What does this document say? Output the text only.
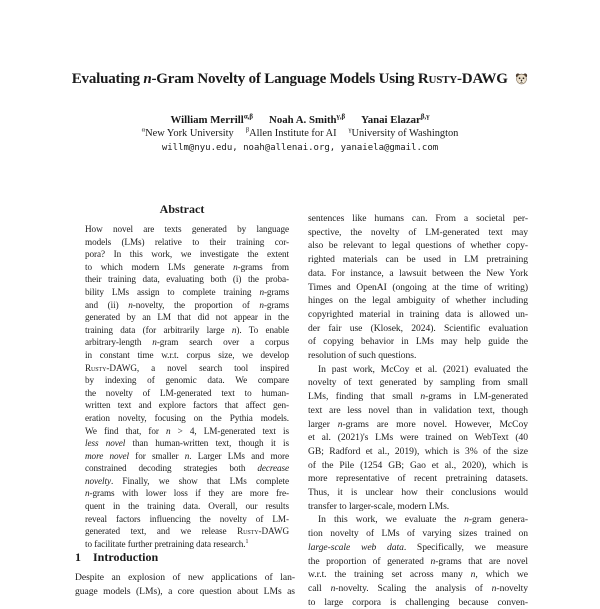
Evaluating n-Gram Novelty of Language Models Using Rusty-DAWG
William Merrill$^{\alpha,\beta}$ Noah A. Smith$^{\gamma,\beta}$ Yanai Elazar$^{\beta,\gamma}$
$^\alpha$New York University $^\beta$Allen Institute for AI $^\gamma$University of Washington
willm@nyu.edu, noah@allenai.org, yanaiela@gmail.com
Abstract
How novel are texts generated by language
models (LMs) relative to their training cor-
pora? In this work, we investigate the extent
to which modern LMs generate n-grams from
their training data, evaluating both (i) the proba-
bility LMs assign to complete training n-grams
and (ii) n-novelty, the proportion of n-grams
generated by an LM that did not appear in the
training data (for arbitrarily large n). To enable
arbitrary-length n-gram search over a corpus
in constant time w.r.t. corpus size, we develop
Rusty-DAWG, a novel search tool inspired
by indexing of genomic data. We compare
the novelty of LM-generated text to human-
written text and explore factors that affect gen-
eration novelty, focusing on the Pythia models.
We find that, for n > 4, LM-generated text is
less novel than human-written text, though it is
more novel for smaller n. Larger LMs and more
constrained decoding strategies both decrease
novelty. Finally, we show that LMs complete
n-grams with lower loss if they are more fre-
quent in the training data. Overall, our results
reveal factors influencing the novelty of LM-
generated text, and we release Rusty-DAWG
to facilitate further pretraining data research.$^1$
1 Introduction
Despite an explosion of new applications of lan-
guage models (LMs), a core question about LMs as
sentences like humans can. From a societal per-
spective, the novelty of LM-generated text may
also be relevant to legal questions of whether copy-
righted materials can be used in LM pretraining
data. For instance, a lawsuit between the New York
Times and OpenAI (ongoing at the time of writing)
hinges on the legal ambiguity of whether including
copyrighted material in training data is allowed un-
der fair use (Klosek, 2024). Scientific evaluation
of copying behavior in LMs may help guide the
resolution of such questions.
In past work, McCoy et al. (2021) evaluated the
novelty of text generated by sampling from small
LMs, finding that small n-grams in LM-generated
text are less novel than in validation text, though
larger n-grams are more novel. However, McCoy
et al. (2021)'s LMs were trained on WebText (40
GB; Radford et al., 2019), which is 3% of the size
of the Pile (1254 GB; Gao et al., 2020), which is
more representative of recent pretraining datasets.
Thus, it is unclear how their conclusions would
transfer to larger-scale, modern LMs.
In this work, we evaluate the n-gram genera-
tion novelty of LMs of varying sizes trained on
large-scale web data. Specifically, we measure
the proportion of generated n-grams that are novel
w.r.t. the training set across many n, which we
call n-novelty. Scaling the analysis of n-novelty
to large corpora is challenging because conven-
